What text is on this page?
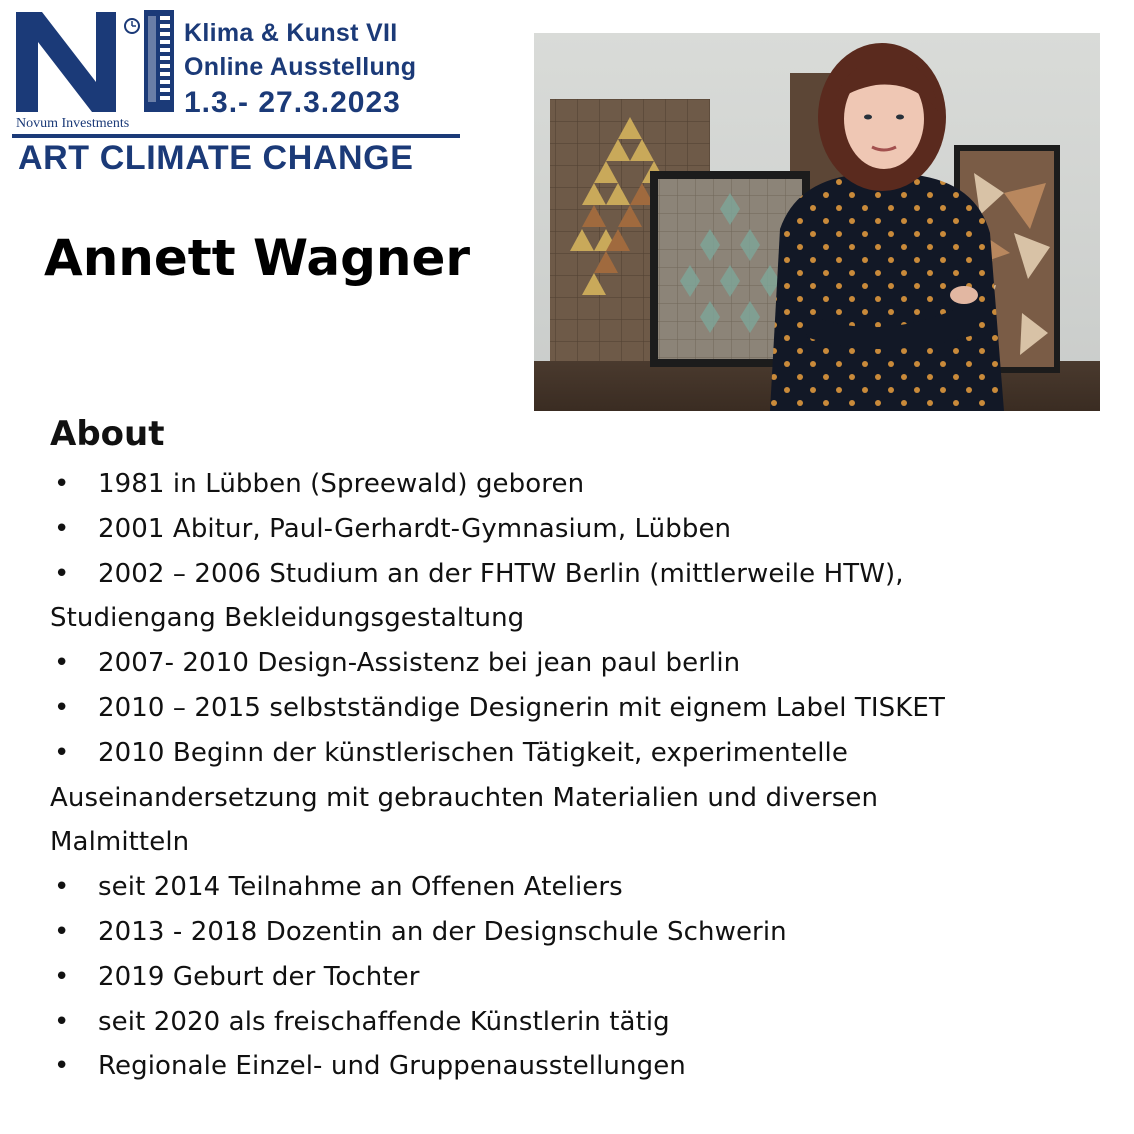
Novum Investments
Klima & Kunst VII
Online Ausstellung
1.3.- 27.3.2023
ART CLIMATE CHANGE
Annett Wagner
About
• 1981 in Lübben (Spreewald) geboren
• 2001 Abitur, Paul-Gerhardt-Gymnasium, Lübben
• 2002 – 2006 Studium an der FHTW Berlin (mittlerweile HTW),
Studiengang Bekleidungsgestaltung
• 2007- 2010 Design-Assistenz bei jean paul berlin
• 2010 – 2015 selbstständige Designerin mit eignem Label TISKET
• 2010 Beginn der künstlerischen Tätigkeit, experimentelle
Auseinandersetzung mit gebrauchten Materialien und diversen
Malmitteln
• seit 2014 Teilnahme an Offenen Ateliers
• 2013 - 2018 Dozentin an der Designschule Schwerin
• 2019 Geburt der Tochter
• seit 2020 als freischaffende Künstlerin tätig
• Regionale Einzel- und Gruppenausstellungen
